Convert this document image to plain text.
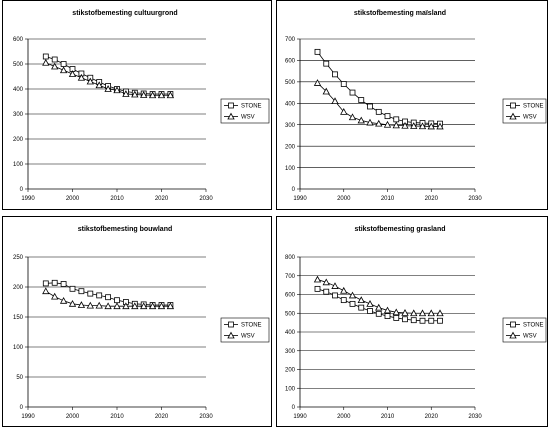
stikstofbemesting cultuurgrond
0
100
200
300
400
500
600
1990	2000	2010	2020	2030
STONE
WSV
stikstofbemesting maïsland
0
100
200
300
400
500
600
700
1990	2000	2010	2020	2030
STONE
WSV
stikstofbemesting bouwland
0
50
100
150
200
250
1990	2000	2010	2020	2030
STONE
WSV
stikstofbemesting grasland
0
100
200
300
400
500
600
700
800
1990	2000	2010	2020	2030
STONE
WSV
